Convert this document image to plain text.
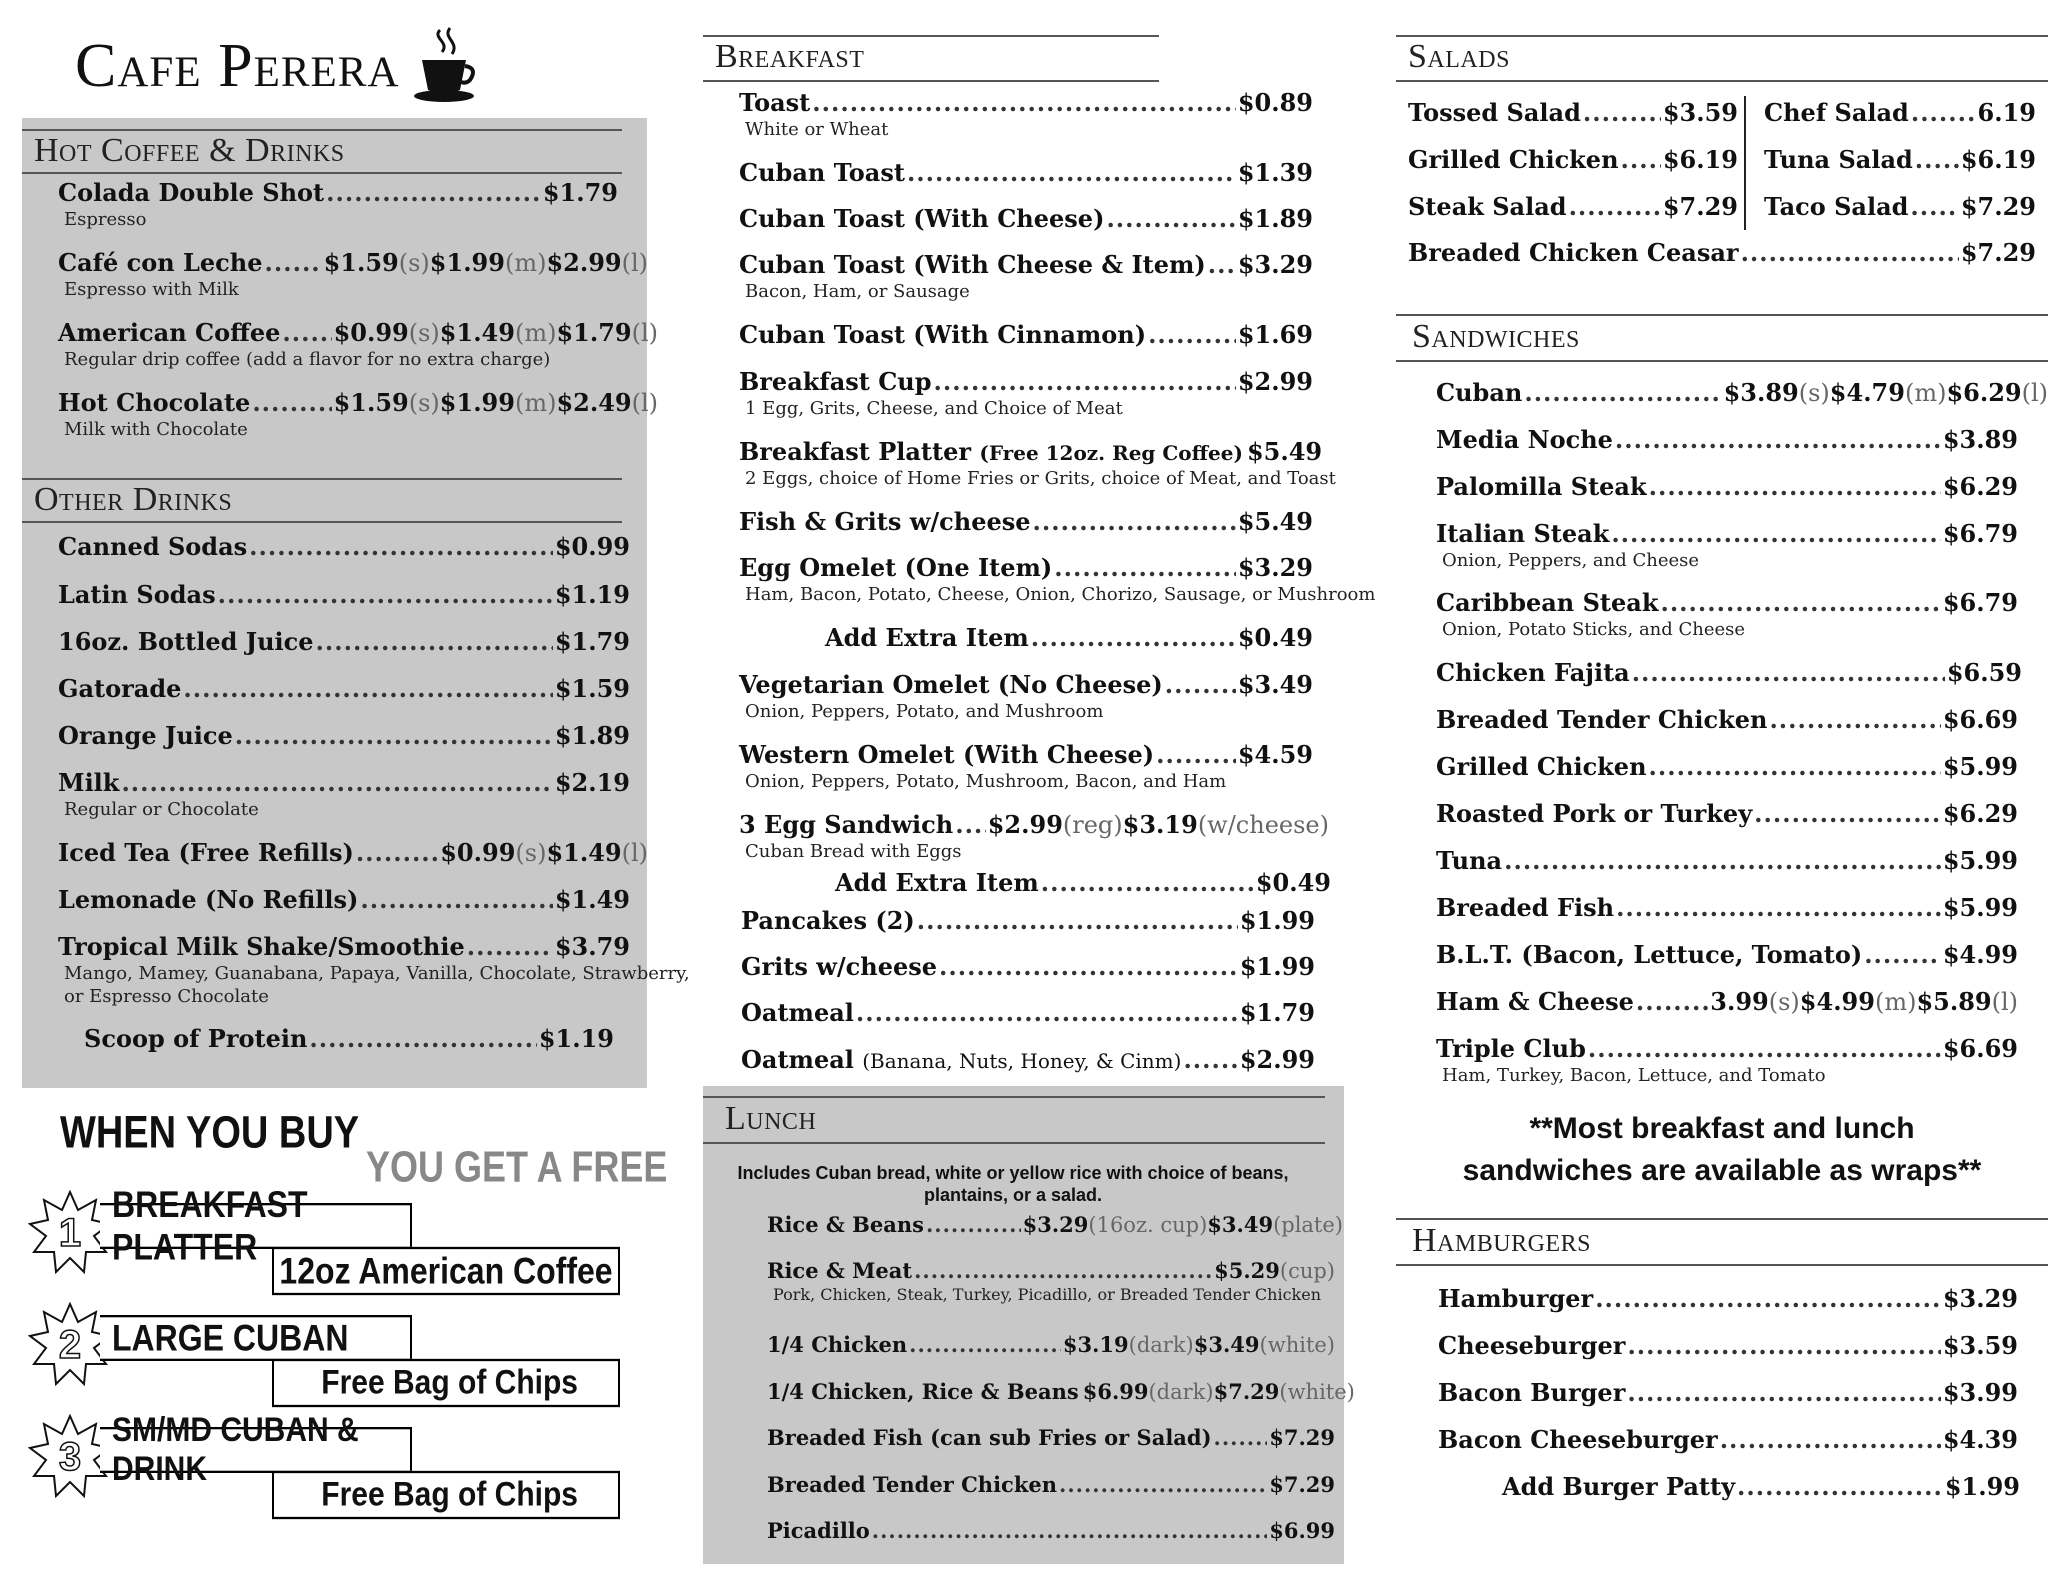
Cafe Perera
Hot Coffee & Drinks
Colada Double Shot .....	$1.79
Espresso
Café con Leche .....	$1.59(s)$1.99(m)$2.99(l)
Espresso with Milk
American Coffee ..... $0.99(s)$1.49(m)$1.79(l)
Regular drip coffee (add a flavor for no extra charge)
Hot Chocolate .....	$1.59(s)$1.99(m)$2.49(l)
Milk with Chocolate
Other Drinks
Canned Sodas .....	$0.99
Latin Sodas .....	$1.19
16oz. Bottled Juice .....	$1.79
Gatorade .....	$1.59
Orange Juice .....	$1.89
Milk .....	$2.19
Regular or Chocolate
Iced Tea (Free Refills) .....	$0.99(s)$1.49(l)
Lemonade (No Refills) .....	$1.49
Tropical Milk Shake/Smoothie .....	$3.79
Mango, Mamey, Guanabana, Papaya, Vanilla, Chocolate, Strawberry,
or Espresso Chocolate
Scoop of Protein .....	$1.19
WHEN YOU BUY
YOU GET A FREE
1
BREAKFAST PLATTER
12oz American Coffee
2 LARGE CUBAN
Free Bag of Chips
3
SM/MD CUBAN & DRINK
Free Bag of Chips
Breakfast
Toast .....	$0.89
White or Wheat
Cuban Toast .....	$1.39
Cuban Toast (With Cheese) .....	$1.89
Cuban Toast (With Cheese & Item) ..... $3.29
Bacon, Ham, or Sausage
Cuban Toast (With Cinnamon) .....	$1.69
Breakfast Cup .....	$2.99
1 Egg, Grits, Cheese, and Choice of Meat
Breakfast Platter (Free 12oz. Reg Coffee) $5.49
2 Eggs, choice of Home Fries or Grits, choice of Meat, and Toast
Fish & Grits w/cheese .....	$5.49
Egg Omelet (One Item) .....	$3.29
Ham, Bacon, Potato, Cheese, Onion, Chorizo, Sausage, or Mushroom
Add Extra Item .....	$0.49
Vegetarian Omelet (No Cheese) .....	$3.49
Onion, Peppers, Potato, and Mushroom
Western Omelet (With Cheese) .....	$4.59
Onion, Peppers, Potato, Mushroom, Bacon, and Ham
3 Egg Sandwich ..... $2.99(reg)$3.19(w/cheese)
Cuban Bread with Eggs
Add Extra Item .....	$0.49
Pancakes (2) .....	$1.99
Grits w/cheese .....	$1.99
Oatmeal .....	$1.79
Oatmeal (Banana, Nuts, Honey, & Cinm) ..... $2.99
Lunch
Includes Cuban bread, white or yellow rice with choice of beans,
plantains, or a salad.
Rice & Beans .....	$3.29(16oz. cup)$3.49(plate)
Rice & Meat .....	$5.29(cup)
Pork, Chicken, Steak, Turkey, Picadillo, or Breaded Tender Chicken
1/4 Chicken .....	$3.19(dark)$3.49(white)
1/4 Chicken, Rice & Beans $6.99(dark)$7.29(white)
Breaded Fish (can sub Fries or Salad) .....	$7.29
Breaded Tender Chicken .....	$7.29
Picadillo .....	$6.99
Salads
Tossed Salad .....	$3.59
Grilled Chicken ..... $6.19
Steak Salad .....	$7.29
Chef Salad .....	6.19
Tuna Salad ..... $6.19
Taco Salad ..... $7.29
Breaded Chicken Ceasar .....	$7.29
Sandwiches
Cuban .....	$3.89(s)$4.79(m)$6.29(l)
Media Noche .....	$3.89
Palomilla Steak .....	$6.29
Italian Steak .....	$6.79
Onion, Peppers, and Cheese
Caribbean Steak .....	$6.79
Onion, Potato Sticks, and Cheese
Chicken Fajita .....	$6.59
Breaded Tender Chicken .....	$6.69
Grilled Chicken .....	$5.99
Roasted Pork or Turkey .....	$6.29
Tuna .....	$5.99
Breaded Fish .....	$5.99
B.L.T. (Bacon, Lettuce, Tomato) .....	$4.99
Ham & Cheese .....	3.99(s)$4.99(m)$5.89(l)
Triple Club .....	$6.69
Ham, Turkey, Bacon, Lettuce, and Tomato
**Most breakfast and lunch
sandwiches are available as wraps**
Hamburgers
Hamburger .....	$3.29
Cheeseburger .....	$3.59
Bacon Burger .....	$3.99
Bacon Cheeseburger .....	$4.39
Add Burger Patty .....	$1.99
